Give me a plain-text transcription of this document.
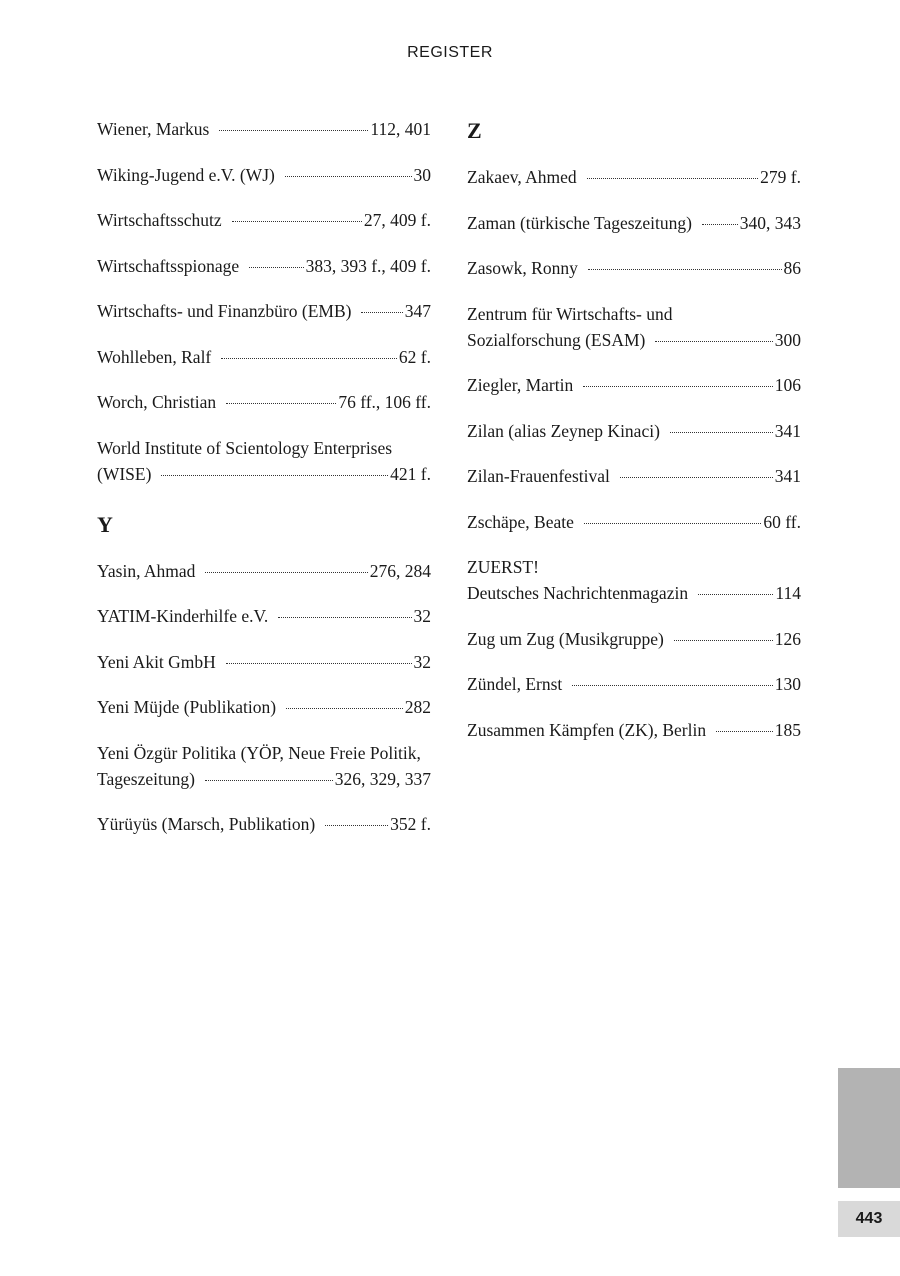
REGISTER
Wiener, Markus	112, 401
Wiking-Jugend e.V. (WJ)	30
Wirtschaftsschutz	27, 409 f.
Wirtschaftsspionage	383, 393 f., 409 f.
Wirtschafts- und Finanzbüro (EMB)	347
Wohlleben, Ralf	62 f.
Worch, Christian	76 ff., 106 ff.
World Institute of Scientology Enterprises
(WISE)	421 f.
Y
Yasin, Ahmad	276, 284
YATIM-Kinderhilfe e.V.	32
Yeni Akit GmbH	32
Yeni Müjde (Publikation)	282
Yeni Özgür Politika (YÖP, Neue Freie Politik,
Tageszeitung)	326, 329, 337
Yürüyüs (Marsch, Publikation)	352 f.
Z
Zakaev, Ahmed	279 f.
Zaman (türkische Tageszeitung)	340, 343
Zasowk, Ronny	86
Zentrum für Wirtschafts- und
Sozialforschung (ESAM)	300
Ziegler, Martin	106
Zilan (alias Zeynep Kinaci)	341
Zilan-Frauenfestival	341
Zschäpe, Beate	60 ff.
ZUERST!
Deutsches Nachrichtenmagazin	114
Zug um Zug (Musikgruppe)	126
Zündel, Ernst	130
Zusammen Kämpfen (ZK), Berlin	185
443
